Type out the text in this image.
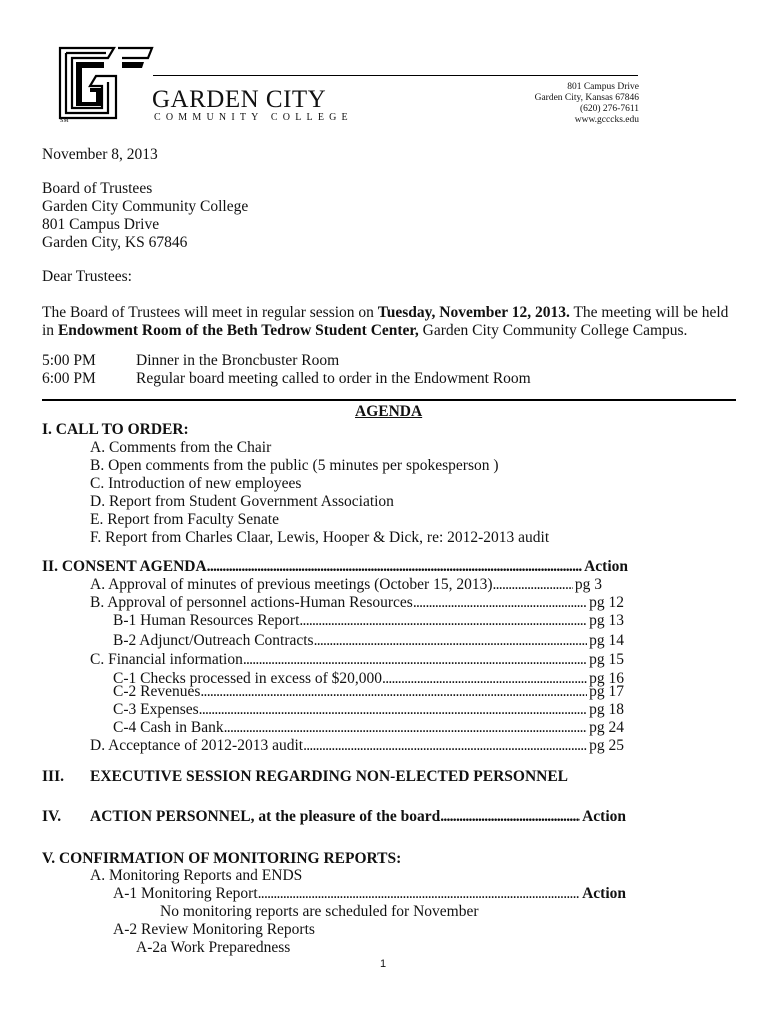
SM
GARDEN CITY
COMMUNITY COLLEGE
801 Campus Drive
Garden City, Kansas 67846
(620) 276-7611
www.gcccks.edu
November 8, 2013
Board of Trustees
Garden City Community College
801 Campus Drive
Garden City, KS 67846
Dear Trustees:
The Board of Trustees will meet in regular session on Tuesday, November 12, 2013. The meeting will be held
in Endowment Room of the Beth Tedrow Student Center, Garden City Community College Campus.
5:00 PM	Dinner in the Broncbuster Room
6:00 PM	Regular board meeting called to order in the Endowment Room
AGENDA
I. CALL TO ORDER:
A. Comments from the Chair
B. Open comments from the public (5 minutes per spokesperson )
C. Introduction of new employees
D. Report from Student Government Association
E. Report from Faculty Senate
F. Report from Charles Claar, Lewis, Hooper & Dick, re: 2012-2013 audit
II. CONSENT AGENDA . . .	Action
A. Approval of minutes of previous meetings (October 15, 2013) . . .	pg 3
B. Approval of personnel actions-Human Resources . . .	pg 12
B-1 Human Resources Report . . .	pg 13
B-2 Adjunct/Outreach Contracts . . .	pg 14
C. Financial information . . .	pg 15
C-1 Checks processed in excess of $20,000 . . .	pg 16
C-2 Revenues . . .	pg 17
C-3 Expenses . . .	pg 18
C-4 Cash in Bank . . .	pg 24
D. Acceptance of 2012-2013 audit . . .	pg 25
III. EXECUTIVE SESSION REGARDING NON-ELECTED PERSONNEL
IV. ACTION PERSONNEL, at the pleasure of the board . . .	Action
V. CONFIRMATION OF MONITORING REPORTS:
A. Monitoring Reports and ENDS
A-1 Monitoring Report . . .	Action
No monitoring reports are scheduled for November
A-2 Review Monitoring Reports
A-2a Work Preparedness
1
